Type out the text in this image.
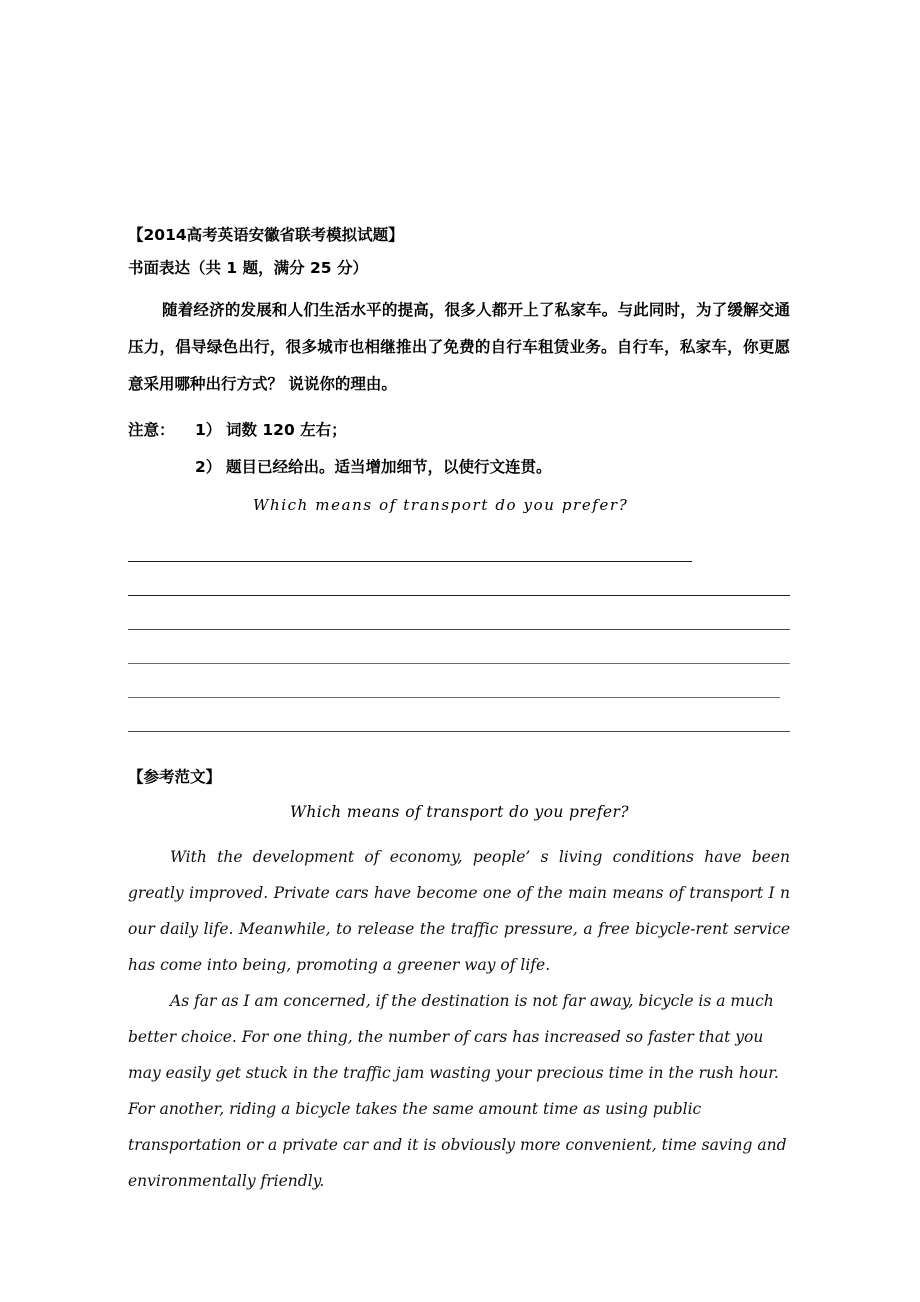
【2014高考英语安徽省联考模拟试题】
书面表达（共 1 题，满分 25 分）

随着经济的发展和人们生活水平的提高，很多人都开上了私家车。与此同时，为了缓解交通压力，倡导绿色出行，很多城市也相继推出了免费的自行车租赁业务。自行车，私家车，你更愿意采用哪种出行方式？ 说说你的理由。

注意：	1） 词数 120 左右；
2） 题目已经给出。适当增加细节，以使行文连贯。
Which means of transport do you prefer?
【参考范文】
Which means of transport do you prefer?

With the development of economy, people’ s living conditions have been greatly improved. Private cars have become one of the main means of transport I n our daily life. Meanwhile, to release the traffic pressure, a free bicycle-rent service has come into being, promoting a greener way of life.

As far as I am concerned, if the destination is not far away, bicycle is a much better choice. For one thing, the number of cars has increased so faster that you may easily get stuck in the traffic jam wasting your precious time in the rush hour. For another, riding a bicycle takes the same amount time as using public transportation or a private car and it is obviously more convenient, time saving and environmentally friendly.
